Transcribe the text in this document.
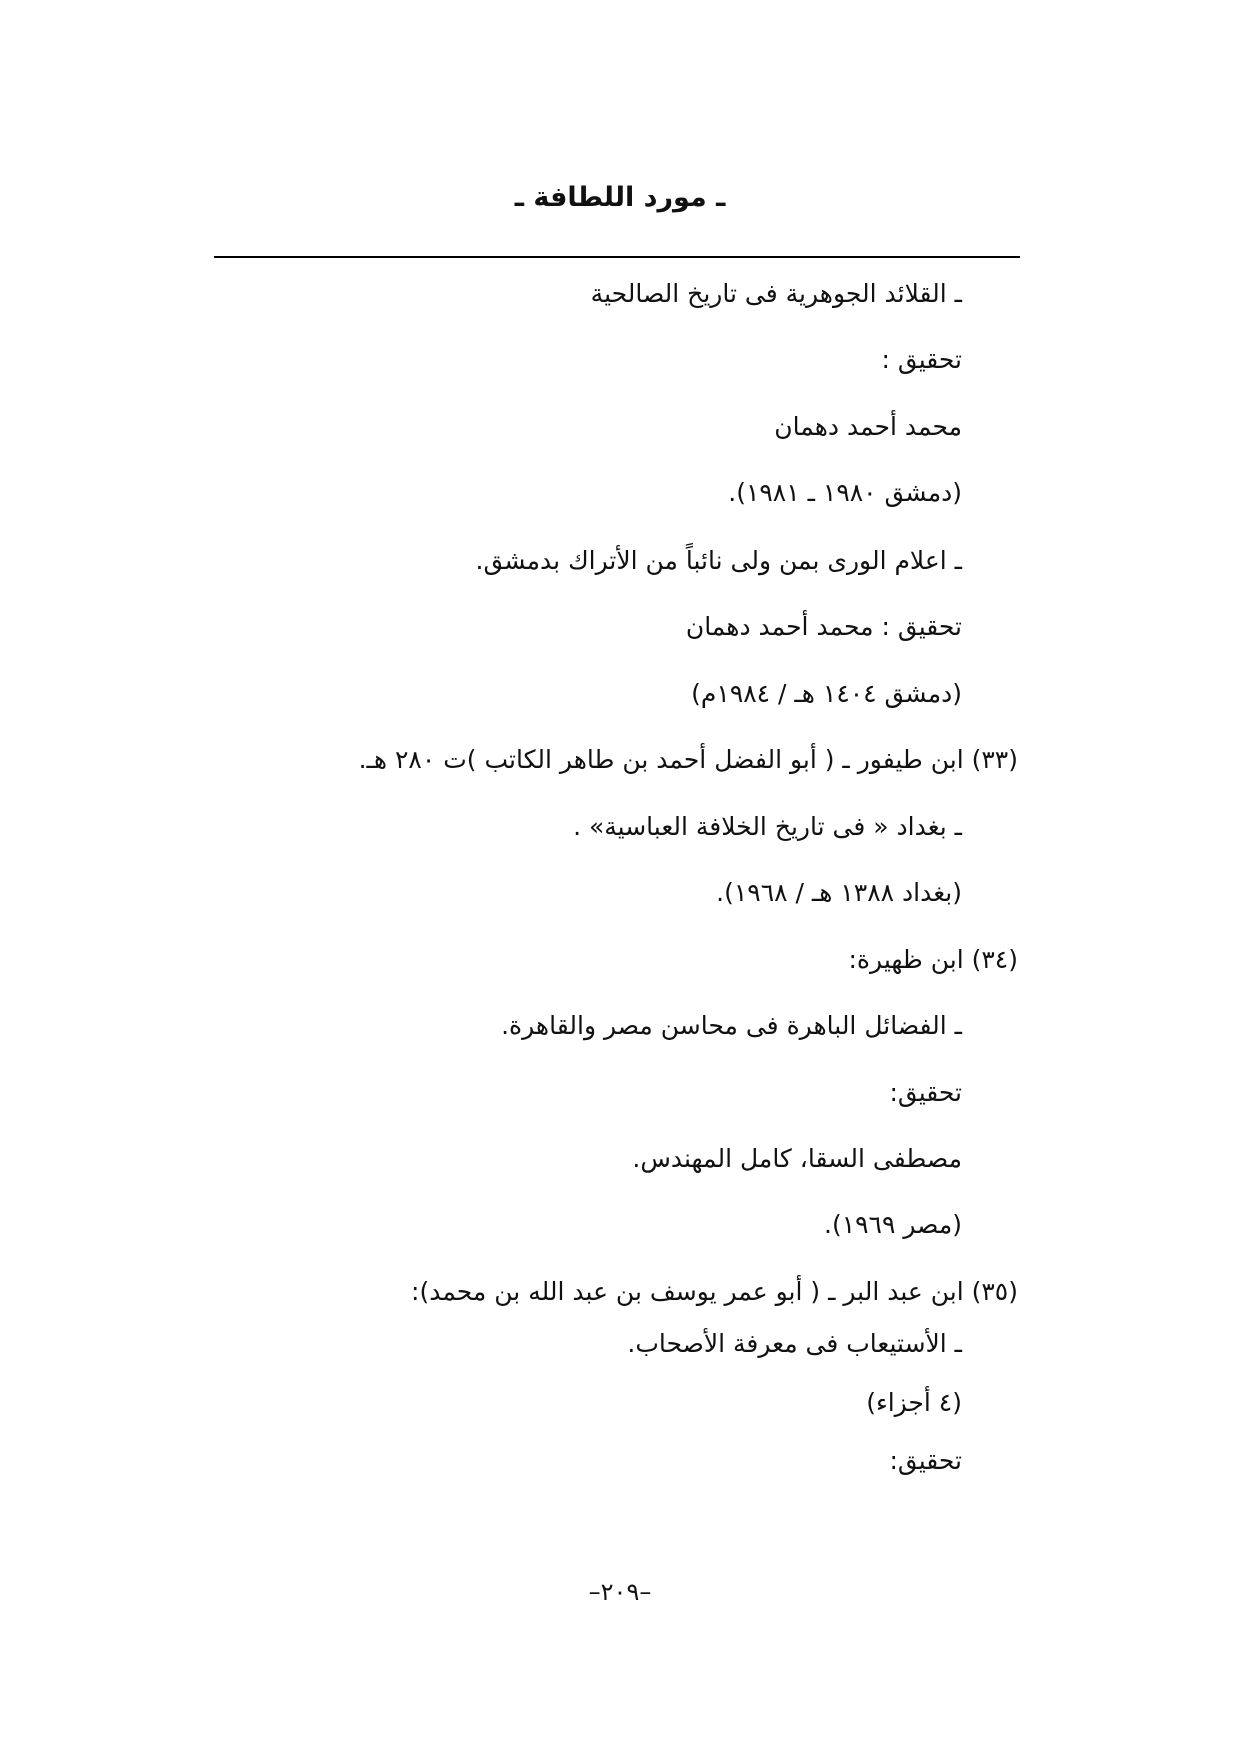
ـ مورد اللطافة ـ
ـ القلائد الجوهرية فى تاريخ الصالحية
تحقيق :
محمد أحمد دهمان
(دمشق ١٩٨٠ ـ ١٩٨١).
ـ اعلام الورى بمن ولى نائباً من الأتراك بدمشق.
تحقيق : محمد أحمد دهمان
(دمشق ١٤٠٤ هـ / ١٩٨٤م)
(٣٣) ابن طيفور ـ ( أبو الفضل أحمد بن طاهر الكاتب )ت ٢٨٠ هـ.
ـ بغداد « فى تاريخ الخلافة العباسية» .
(بغداد ١٣٨٨ هـ / ١٩٦٨).
(٣٤) ابن ظهيرة:
ـ الفضائل الباهرة فى محاسن مصر والقاهرة.
تحقيق:
مصطفى السقا، كامل المهندس.
(مصر ١٩٦٩).
(٣٥) ابن عبد البر ـ ( أبو عمر يوسف بن عبد الله بن محمد):
ـ الأستيعاب فى معرفة الأصحاب.
(٤ أجزاء)
تحقيق:
–٢٠٩–
